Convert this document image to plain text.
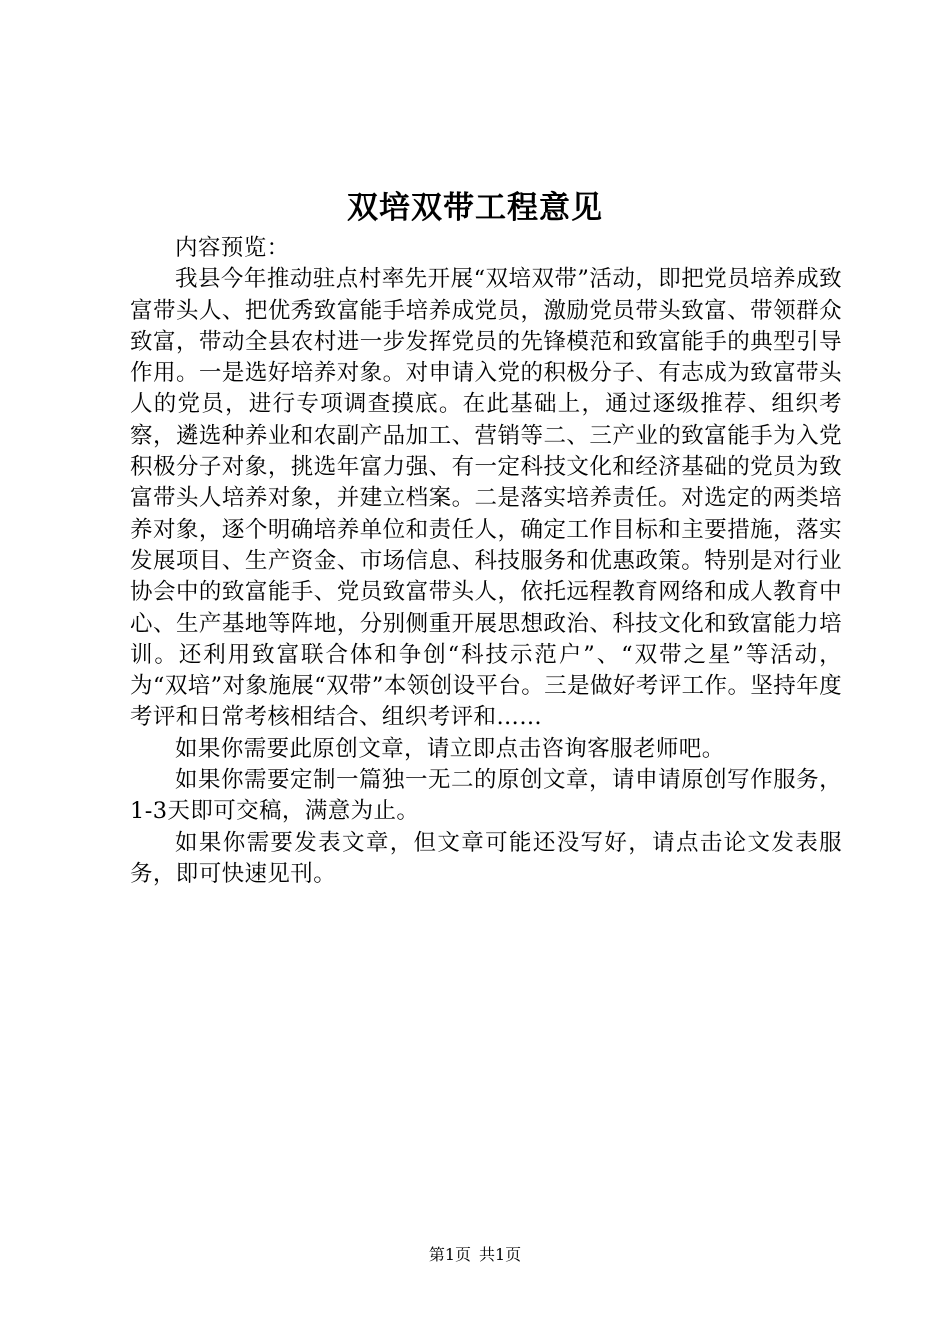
双培双带工程意见

内容预览：

我县今年推动驻点村率先开展“双培双带”活动，即把党员培养成致富带头人、把优秀致富能手培养成党员，激励党员带头致富、带领群众致富，带动全县农村进一步发挥党员的先锋模范和致富能手的典型引导作用。一是选好培养对象。对申请入党的积极分子、有志成为致富带头人的党员，进行专项调查摸底。在此基础上，通过逐级推荐、组织考察，遴选种养业和农副产品加工、营销等二、三产业的致富能手为入党积极分子对象，挑选年富力强、有一定科技文化和经济基础的党员为致富带头人培养对象，并建立档案。二是落实培养责任。对选定的两类培养对象，逐个明确培养单位和责任人，确定工作目标和主要措施，落实发展项目、生产资金、市场信息、科技服务和优惠政策。特别是对行业协会中的致富能手、党员致富带头人，依托远程教育网络和成人教育中心、生产基地等阵地，分别侧重开展思想政治、科技文化和致富能力培训。还利用致富联合体和争创“科技示范户”、“双带之星”等活动，为“双培”对象施展“双带”本领创设平台。三是做好考评工作。坚持年度考评和日常考核相结合、组织考评和……

如果你需要此原创文章，请立即点击咨询客服老师吧。

如果你需要定制一篇独一无二的原创文章，请申请原创写作服务，1-3天即可交稿，满意为止。

如果你需要发表文章，但文章可能还没写好，请点击论文发表服务，即可快速见刊。

第1页 共1页
